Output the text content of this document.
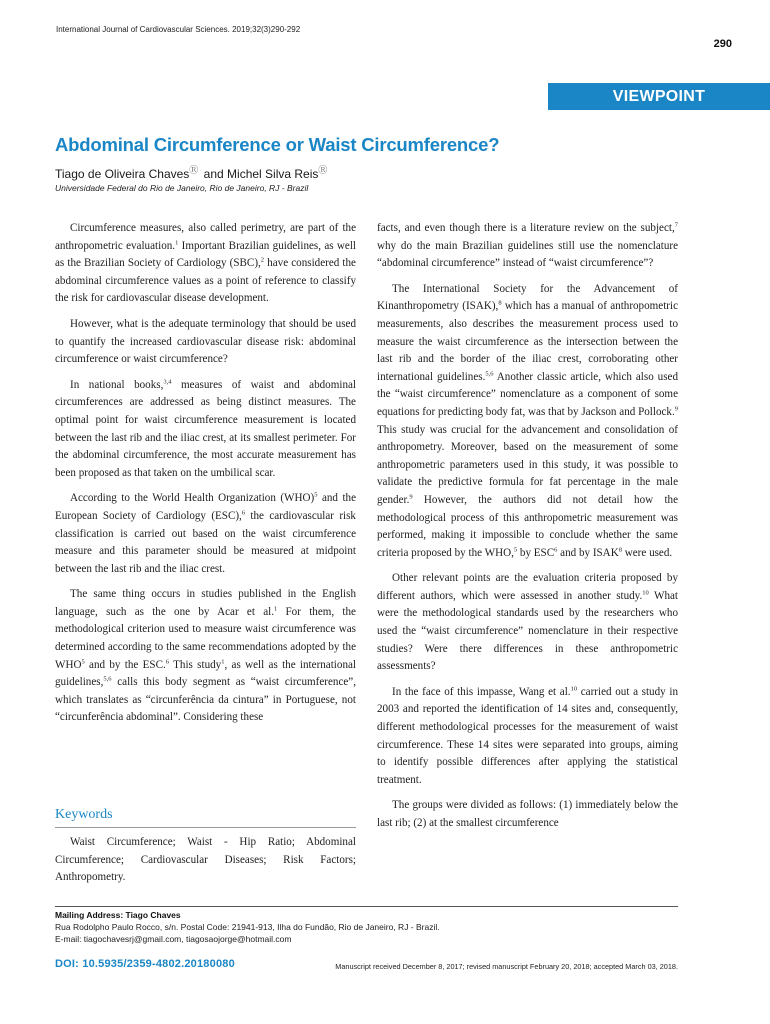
International Journal of Cardiovascular Sciences. 2019;32(3)290-292
290
VIEWPOINT
Abdominal Circumference or Waist Circumference?
Tiago de Oliveira ChavesⓇ and Michel Silva ReisⓇ
Universidade Federal do Rio de Janeiro, Rio de Janeiro, RJ - Brazil

Circumference measures, also called perimetry, are part of the anthropometric evaluation.$^1$ Important Brazilian guidelines, as well as the Brazilian Society of Cardiology (SBC),$^2$ have considered the abdominal circumference values as a point of reference to classify the risk for cardiovascular disease development.

However, what is the adequate terminology that should be used to quantify the increased cardiovascular disease risk: abdominal circumference or waist circumference?

In national books,$^{3,4}$ measures of waist and abdominal circumferences are addressed as being distinct measures. The optimal point for waist circumference measurement is located between the last rib and the iliac crest, at its smallest perimeter. For the abdominal circumference, the most accurate measurement has been proposed as that taken on the umbilical scar.

According to the World Health Organization (WHO)$^5$ and the European Society of Cardiology (ESC),$^6$ the cardiovascular risk classification is carried out based on the waist circumference measure and this parameter should be measured at midpoint between the last rib and the iliac crest.

The same thing occurs in studies published in the English language, such as the one by Acar et al.$^1$ For them, the methodological criterion used to measure waist circumference was determined according to the same recommendations adopted by the WHO$^5$ and by the ESC.$^6$ This study$^1$, as well as the international guidelines,$^{5,6}$ calls this body segment as “waist circumference”, which translates as “circunferência da cintura” in Portuguese, not “circunferência abdominal”. Considering these

Keywords

Waist Circumference; Waist - Hip Ratio; Abdominal Circumference; Cardiovascular Diseases; Risk Factors; Anthropometry.

facts, and even though there is a literature review on the subject,$^7$ why do the main Brazilian guidelines still use the nomenclature “abdominal circumference” instead of “waist circumference”?

The International Society for the Advancement of Kinanthropometry (ISAK),$^8$ which has a manual of anthropometric measurements, also describes the measurement process used to measure the waist circumference as the intersection between the last rib and the border of the iliac crest, corroborating other international guidelines.$^{5,6}$ Another classic article, which also used the “waist circumference” nomenclature as a component of some equations for predicting body fat, was that by Jackson and Pollock.$^9$ This study was crucial for the advancement and consolidation of anthropometry. Moreover, based on the measurement of some anthropometric parameters used in this study, it was possible to validate the predictive formula for fat percentage in the male gender.$^9$ However, the authors did not detail how the methodological process of this anthropometric measurement was performed, making it impossible to conclude whether the same criteria proposed by the WHO,$^5$ by ESC$^6$ and by ISAK$^8$ were used.

Other relevant points are the evaluation criteria proposed by different authors, which were assessed in another study.$^{10}$ What were the methodological standards used by the researchers who used the “waist circumference” nomenclature in their respective studies? Were there differences in these anthropometric assessments?

In the face of this impasse, Wang et al.$^{10}$ carried out a study in 2003 and reported the identification of 14 sites and, consequently, different methodological processes for the measurement of waist circumference. These 14 sites were separated into groups, aiming to identify possible differences after applying the statistical treatment.

The groups were divided as follows: (1) immediately below the last rib; (2) at the smallest circumference

Mailing Address: Tiago Chaves
Rua Rodolpho Paulo Rocco, s/n. Postal Code: 21941-913, Ilha do Fundão, Rio de Janeiro, RJ - Brazil.
E-mail: tiagochavesrj@gmail.com, tiagosaojorge@hotmail.com
DOI: 10.5935/2359-4802.20180080	Manuscript received December 8, 2017; revised manuscript February 20, 2018; accepted March 03, 2018.
